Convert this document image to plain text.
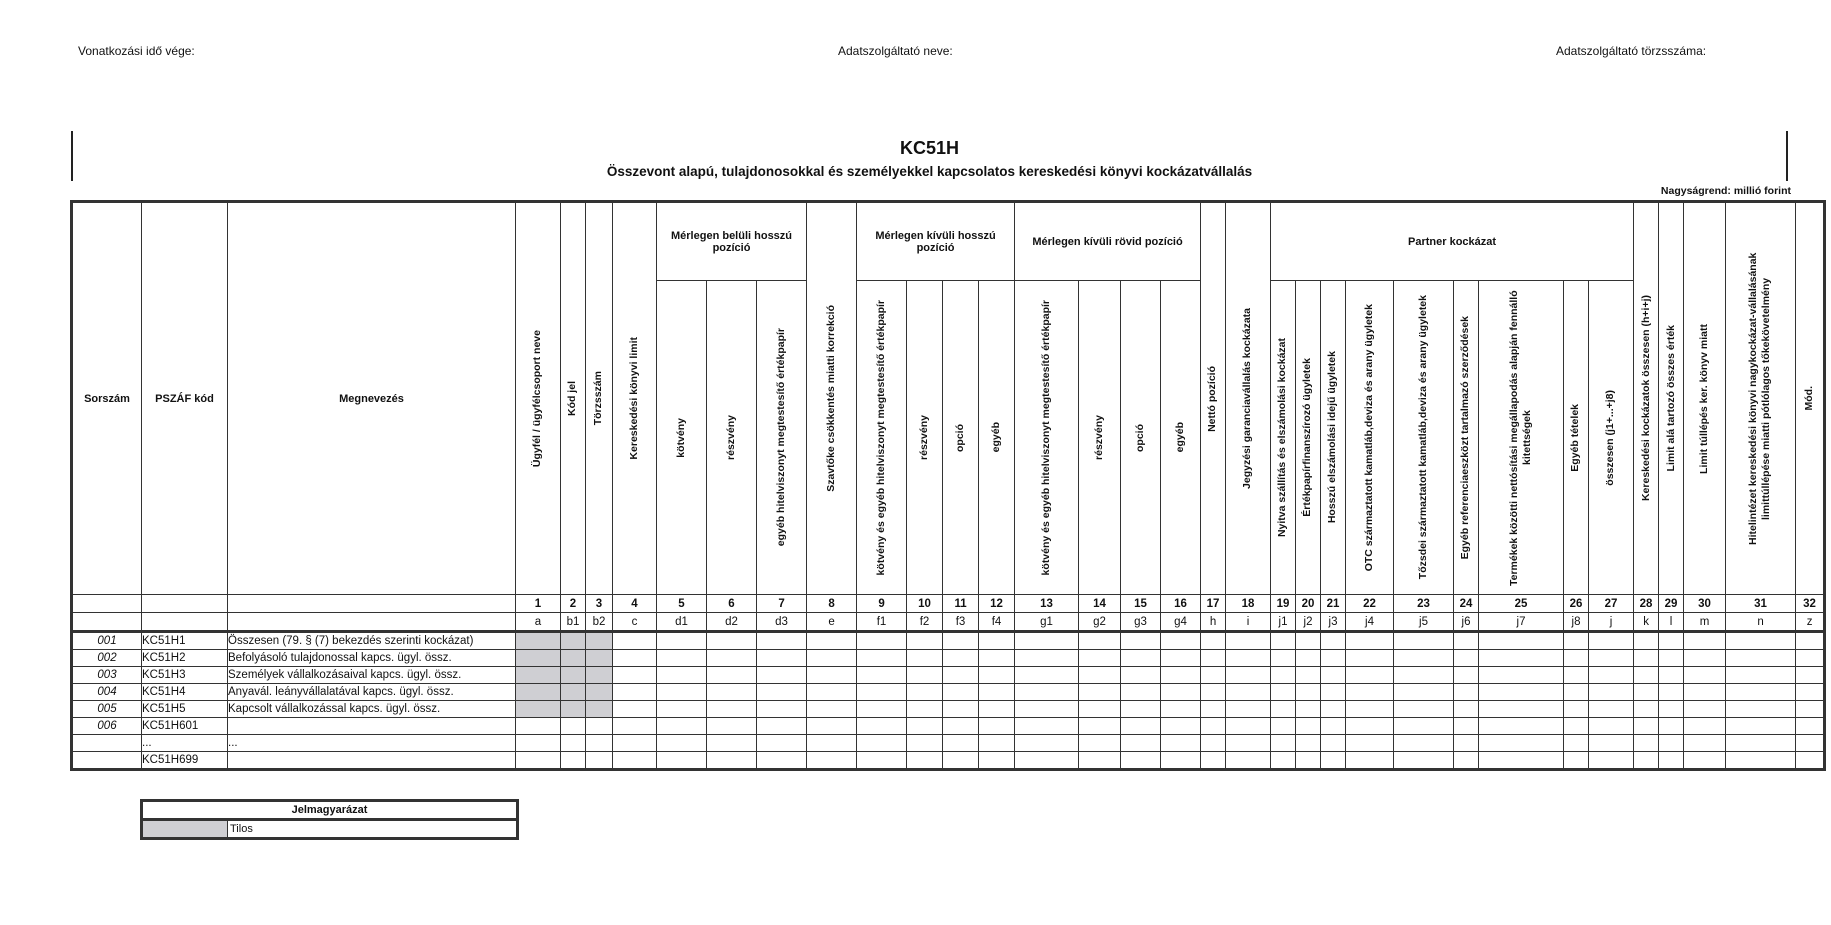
Vonatkozási idő vége:	Adatszolgáltató neve:	Adatszolgáltató törzsszáma:
KC51H
Összevont alapú, tulajdonosokkal és személyekkel kapcsolatos kereskedési könyvi kockázatvállalás
Nagyságrend: millió forint
Sorszám	PSZÁF kód	Megnevezés	Ügyfél / ügyfélcsoport neve	Kód jel	Törzsszám	Kereskedési könyvi limit	Mérlegen belüli hosszú pozíció			Szavtőke csökkentés miatti korrekció	Mérlegen kívüli hosszú pozíció				Mérlegen kívüli rövid pozíció				Nettó pozíció	Jegyzési garanciavállalás kockázata	Partner kockázat									Kereskedési kockázatok összesen (h+i+j)	Limit alá tartozó összes érték	Limit túllépés ker. könyv miatt	Hitelintézet kereskedési könyvi nagykockázat-vállalásának limittúllépése miatti pótlólagos tőkekövetelmény	Mód.

							kötvény	részvény	egyéb hitelviszonyt megtestesítő értékpapír		kötvény és egyéb hitelviszonyt megtestesítő értékpapír	részvény	opció	egyéb	kötvény és egyéb hitelviszonyt megtestesítő értékpapír	részvény	opció	egyéb			Nyitva szállítás és elszámolási kockázat	Értékpapírfinanszírozó ügyletek	Hosszú elszámolási idejű ügyletek	OTC származtatott kamatláb,deviza és arany ügyletek	Tőzsdei származtatott kamatláb,deviza és arany ügyletek	Egyéb referenciaeszközt tartalmazó szerződések	Termékek közötti nettósítási megállapodás alapján fennálló kitettségek	Egyéb tételek	összesen (j1+...+j8)					

			1	2	3	4	5	6	7	8	9	10	11	12	13	14	15	16	17	18	19	20	21	22	23	24	25	26	27	28	29	30	31	32
			a	b1	b2	c	d1	d2	d3	e	f1	f2	f3	f4	g1	g2	g3	g4	h	i	j1	j2	j3	j4	j5	j6	j7	j8	j	k	l	m	n	z
001	KC51H1	Összesen (79. § (7) bekezdés szerinti kockázat)																																
002	KC51H2	Befolyásoló tulajdonossal kapcs. ügyl. össz.																																
003	KC51H3	Személyek vállalkozásaival kapcs. ügyl. össz.																																
004	KC51H4	Anyavál. leányvállalatával kapcs. ügyl. össz.																																
005	KC51H5	Kapcsolt vállalkozással kapcs. ügyl. össz.																																
006	KC51H601																																	
	...	...																																
	KC51H699																																	
Jelmagyarázat
	Tilos
